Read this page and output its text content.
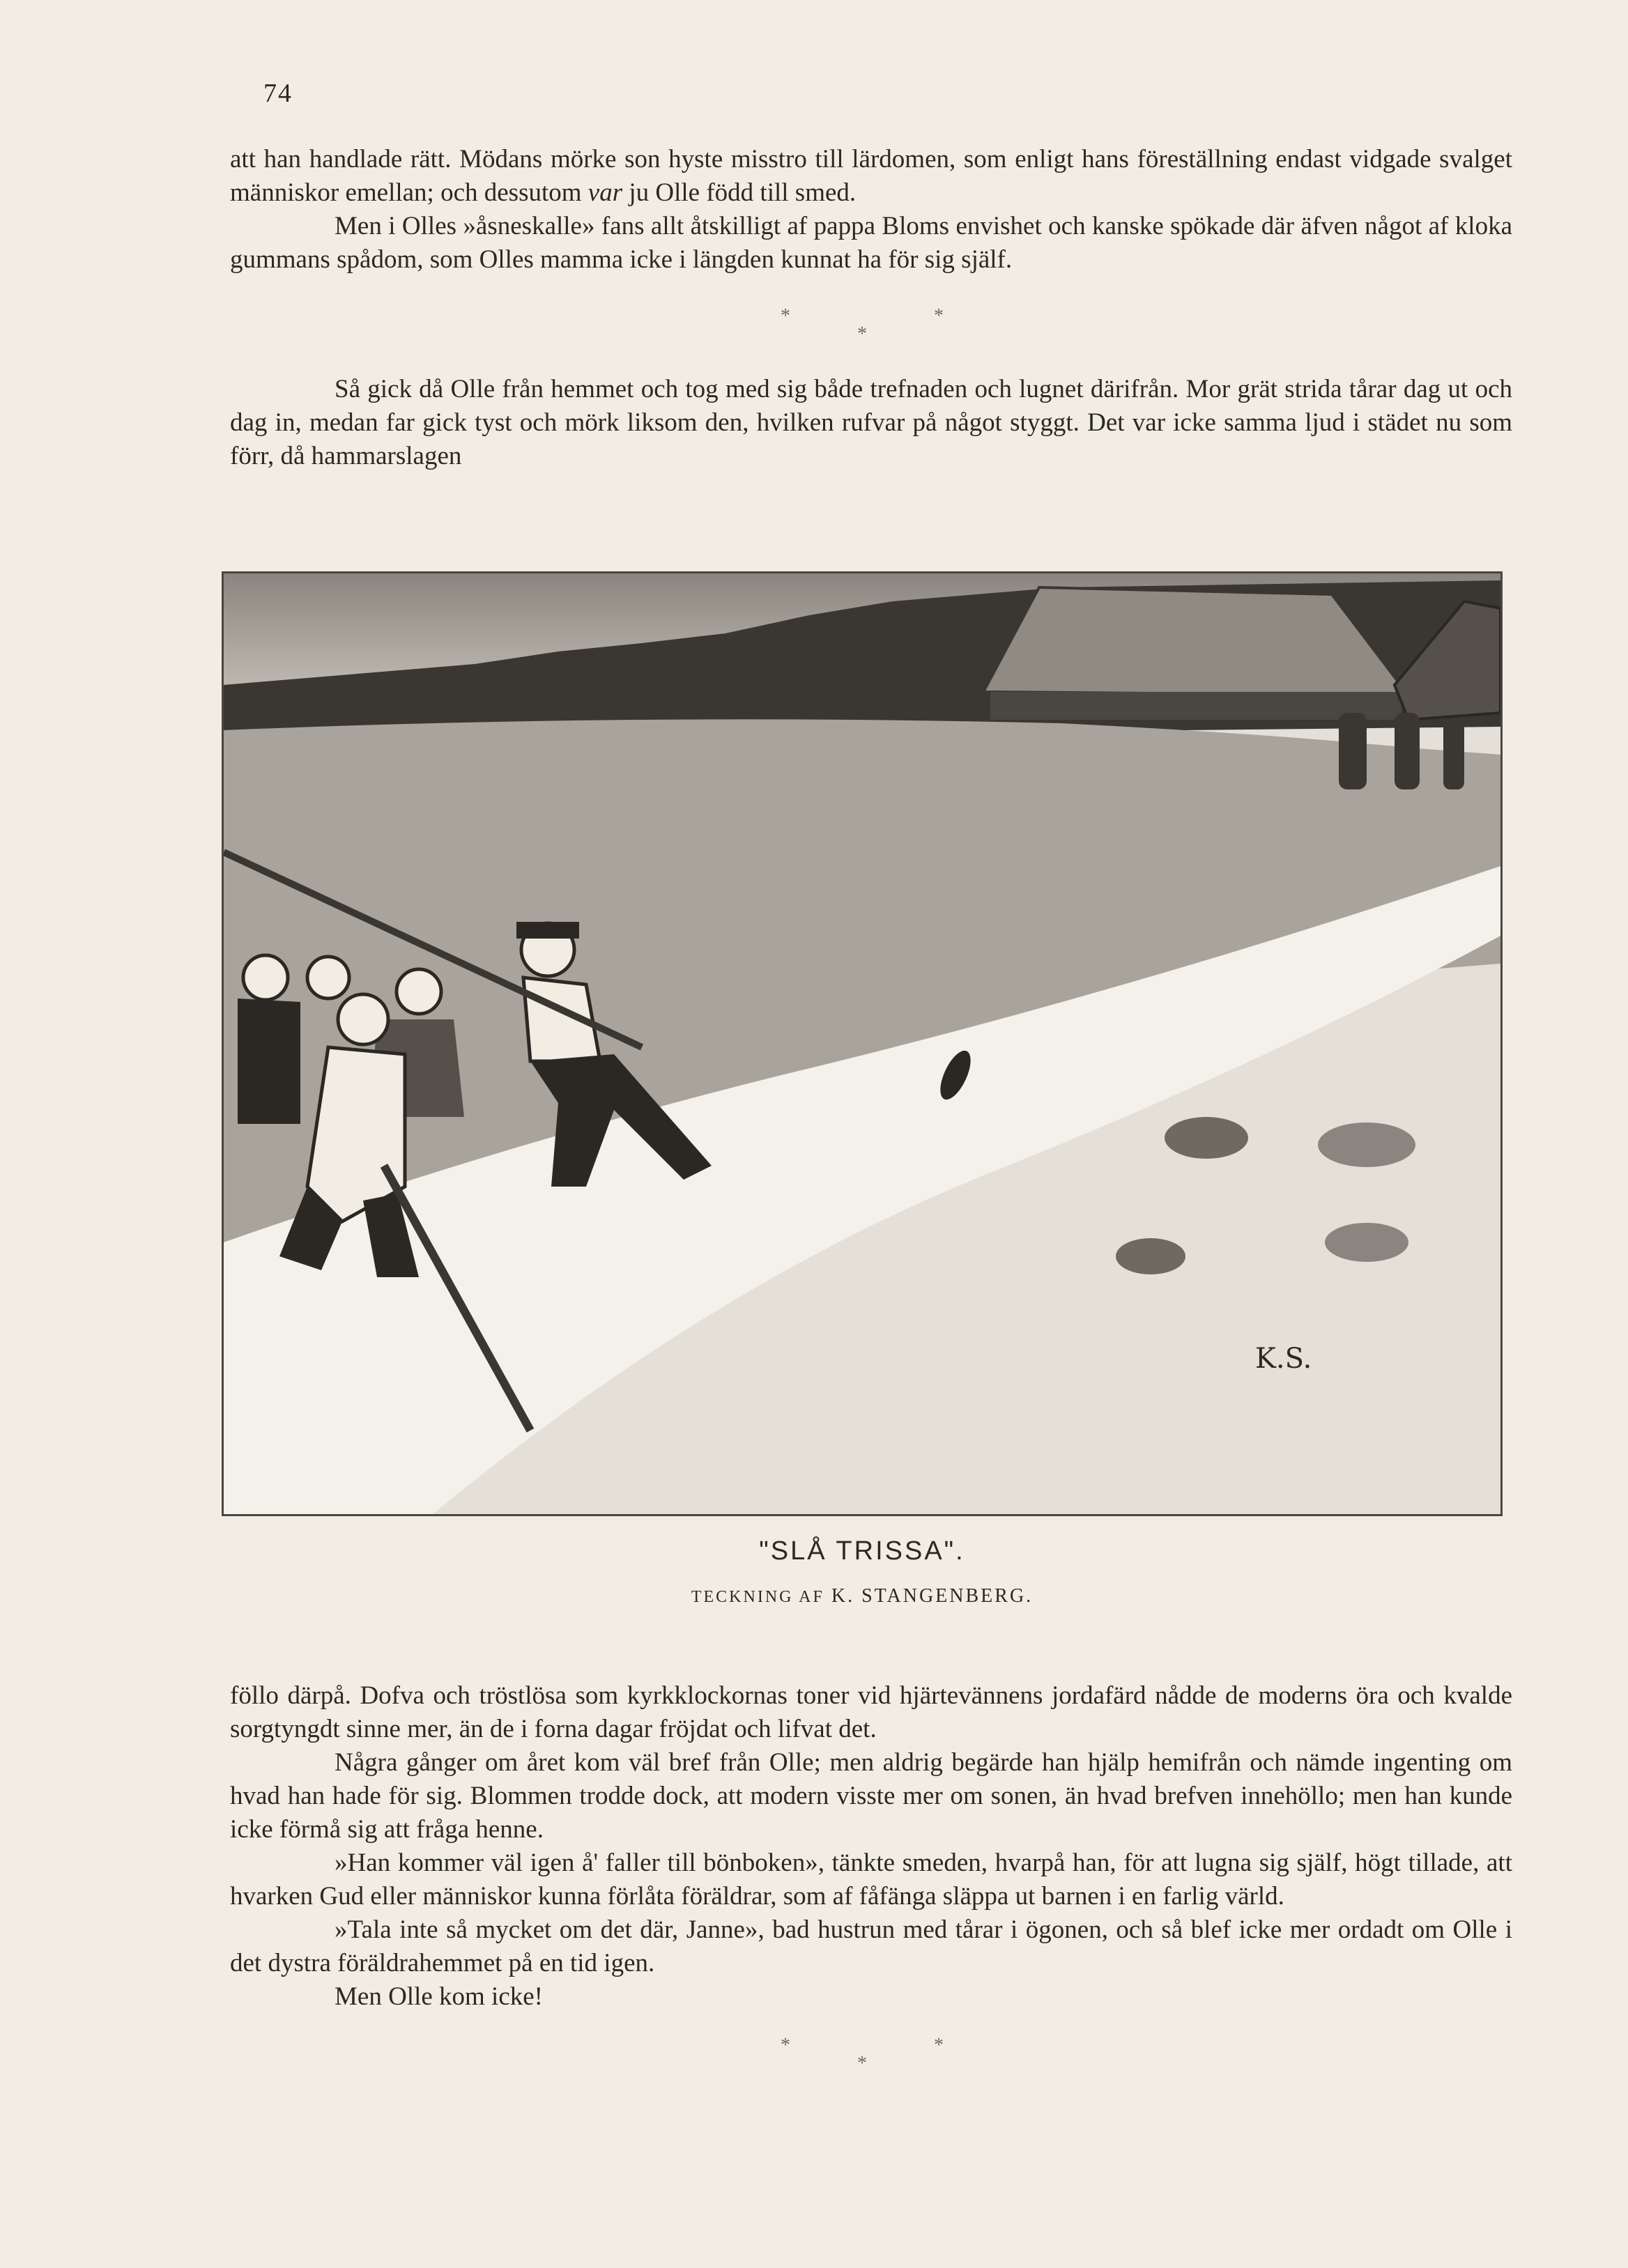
74

att han handlade rätt. Mödans mörke son hyste misstro till lärdomen, som enligt hans föreställning endast vidgade svalget människor emellan; och dessutom var ju Olle född till smed.

Men i Olles »åsneskalle» fans allt åtskilligt af pappa Bloms envishet och kanske spökade där äfven något af kloka gummans spådom, som Olles mamma icke i längden kunnat ha för sig själf.

*
*
*

Så gick då Olle från hemmet och tog med sig både trefnaden och lugnet därifrån. Mor grät strida tårar dag ut och dag in, medan far gick tyst och mörk liksom den, hvilken rufvar på något styggt. Det var icke samma ljud i städet nu som förr, då hammarslagen

K.S.
"SLÅ TRISSA".
TECKNING AF K. STANGENBERG.

föllo därpå. Dofva och tröstlösa som kyrkklockornas toner vid hjärtevännens jordafärd nådde de moderns öra och kvalde sorgtyngdt sinne mer, än de i forna dagar fröjdat och lifvat det.

Några gånger om året kom väl bref från Olle; men aldrig begärde han hjälp hemifrån och nämde ingenting om hvad han hade för sig. Blommen trodde dock, att modern visste mer om sonen, än hvad brefven innehöllo; men han kunde icke förmå sig att fråga henne.

»Han kommer väl igen å' faller till bönboken», tänkte smeden, hvarpå han, för att lugna sig själf, högt tillade, att hvarken Gud eller människor kunna förlåta föräldrar, som af fåfänga släppa ut barnen i en farlig värld.

»Tala inte så mycket om det där, Janne», bad hustrun med tårar i ögonen, och så blef icke mer ordadt om Olle i det dystra föräldrahemmet på en tid igen.

Men Olle kom icke!

*
*
*
